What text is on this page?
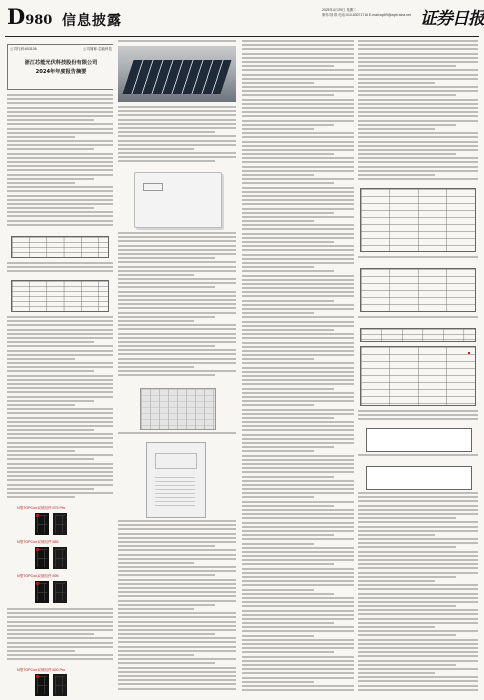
D980 信息披露
2025年4月29日 星期二
制作/刘 琪 电话:010-63071716 E-mail:zqrb9@zqrb.sina.net 证券日报
公司代码:603105	公司简称:芯能科技
浙江芯能光伏科技股份有限公司
2024年年度报告摘要
N型TOPCon双玻组件 575 Pro
N型TOPCon双玻组件 585
N型TOPCon双玻组件 595
N型TOPCon双玻组件 620 Pro
